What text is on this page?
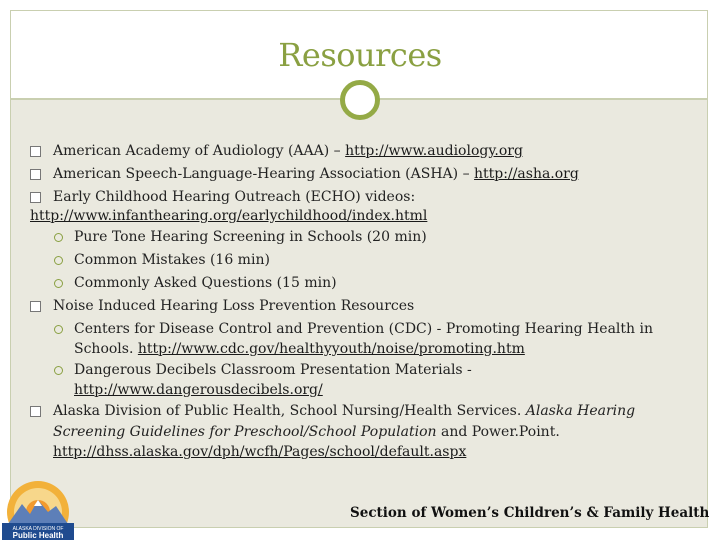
Resources
American Academy of Audiology (AAA) – http://www.audiology.org
American Speech-Language-Hearing Association (ASHA) – http://asha.org
Early Childhood Hearing Outreach (ECHO) videos:
http://www.infanthearing.org/earlychildhood/index.html
Pure Tone Hearing Screening in Schools (20 min)
Common Mistakes (16 min)
Commonly Asked Questions (15 min)
Noise Induced Hearing Loss Prevention Resources
Centers for Disease Control and Prevention (CDC) - Promoting Hearing Health in
Schools. http://www.cdc.gov/healthyyouth/noise/promoting.htm
Dangerous Decibels Classroom Presentation Materials -
http://www.dangerousdecibels.org/
Alaska Division of Public Health, School Nursing/Health Services. Alaska Hearing
Screening Guidelines for Preschool/School Population and Power.Point.
http://dhss.alaska.gov/dph/wcfh/Pages/school/default.aspx
ALASKA DIVISION OF
Public Health
Section of Women’s Children’s & Family Health
